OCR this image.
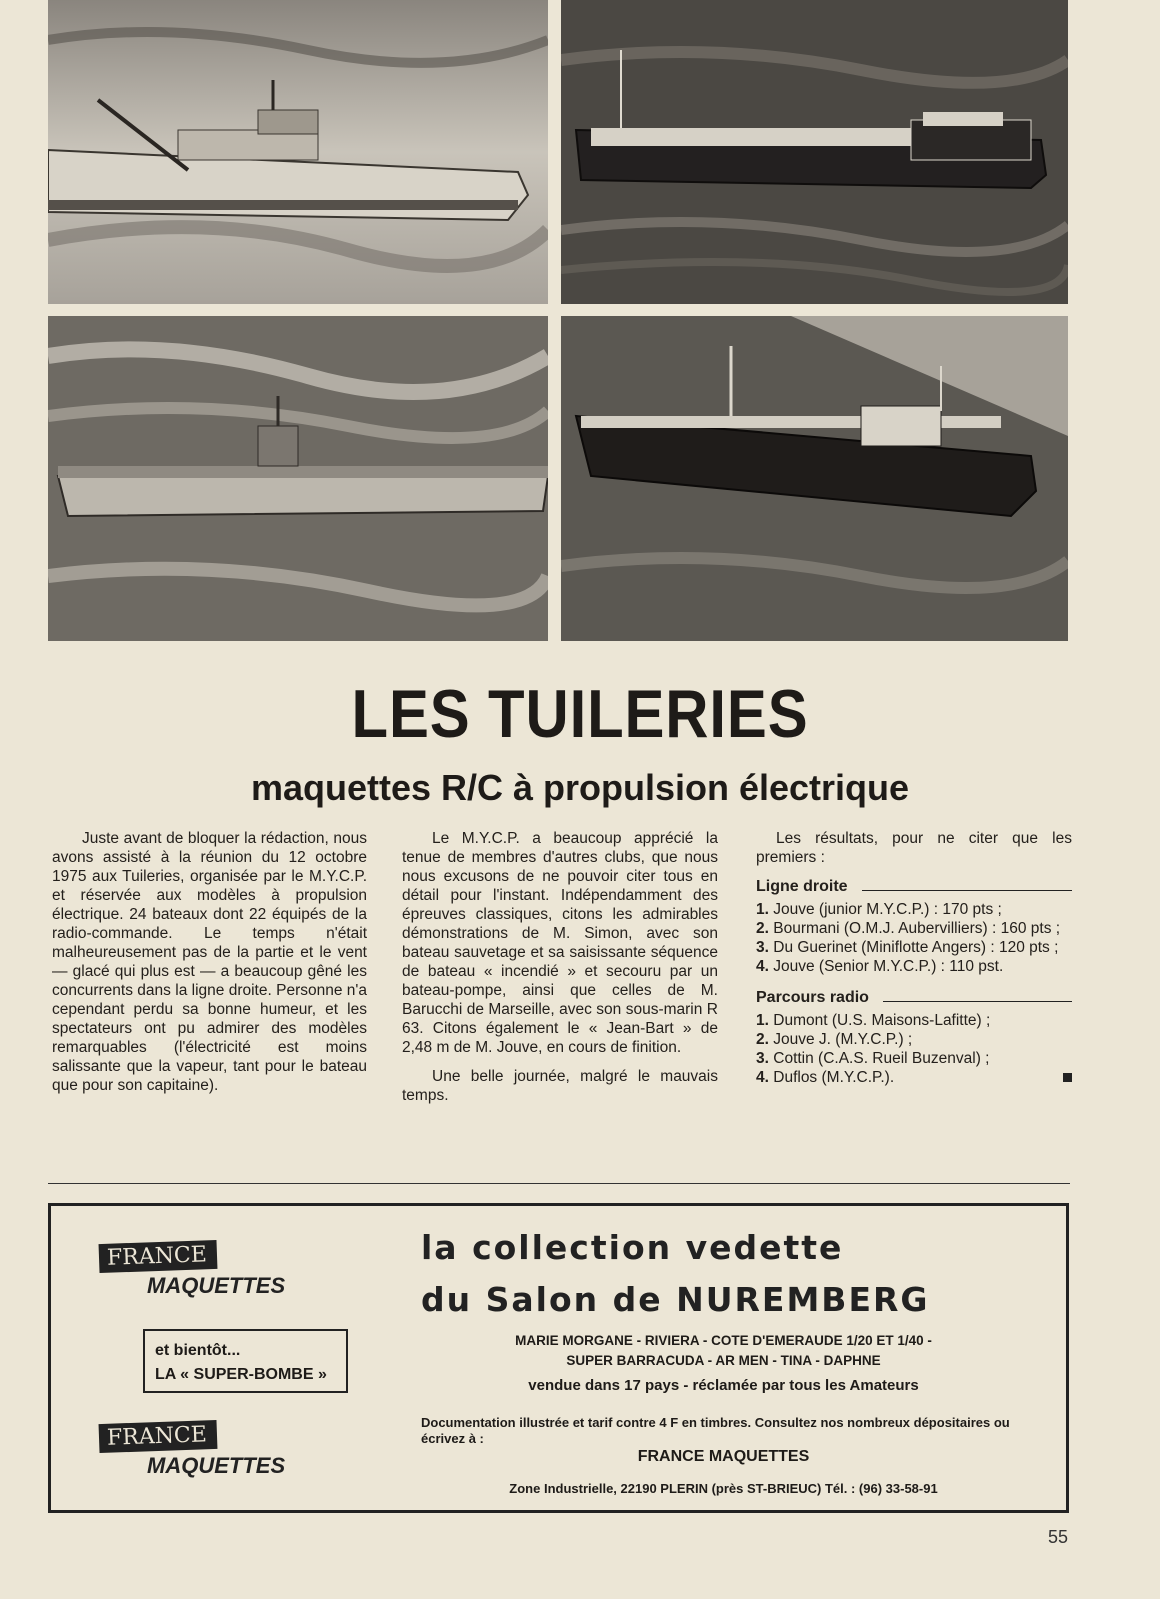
LES TUILERIES
maquettes R/C à propulsion électrique

Juste avant de bloquer la rédaction, nous avons assisté à la réunion du 12 octobre 1975 aux Tuileries, organisée par le M.Y.C.P. et réservée aux modèles à propulsion électrique. 24 bateaux dont 22 équipés de la radio-commande. Le temps n'était malheureusement pas de la partie et le vent — glacé qui plus est — a beaucoup gêné les concurrents dans la ligne droite. Personne n'a cependant perdu sa bonne humeur, et les spectateurs ont pu admirer des modèles remarquables (l'électricité est moins salissante que la vapeur, tant pour le bateau que pour son capitaine).

Le M.Y.C.P. a beaucoup apprécié la tenue de membres d'autres clubs, que nous nous excusons de ne pouvoir citer tous en détail pour l'instant. Indépendamment des épreuves classiques, citons les admirables démonstrations de M. Simon, avec son bateau sauvetage et sa saisissante séquence de bateau « incendié » et secouru par un bateau-pompe, ainsi que celles de M. Barucchi de Marseille, avec son sous-marin R 63. Citons également le « Jean-Bart » de 2,48 m de M. Jouve, en cours de finition.

Une belle journée, malgré le mauvais temps.

Les résultats, pour ne citer que les premiers :

Ligne droite
1. Jouve (junior M.Y.C.P.) : 170 pts ;
2. Bourmani (O.M.J. Aubervilliers) : 160 pts ;
3. Du Guerinet (Miniflotte Angers) : 120 pts ;
4. Jouve (Senior M.Y.C.P.) : 110 pst.
Parcours radio
1. Dumont (U.S. Maisons-Lafitte) ;
2. Jouve J. (M.Y.C.P.) ;
3. Cottin (C.A.S. Rueil Buzenval) ;
4. Duflos (M.Y.C.P.).
FRANCE
MAQUETTES
et bientôt...
LA « SUPER-BOMBE »
FRANCE
MAQUETTES
la collection vedette
du Salon de NUREMBERG
MARIE MORGANE - RIVIERA - COTE D'EMERAUDE 1/20 ET 1/40 -
SUPER BARRACUDA - AR MEN - TINA - DAPHNE
vendue dans 17 pays - réclamée par tous les Amateurs
Documentation illustrée et tarif contre 4 F en timbres. Consultez nos nombreux dépositaires ou écrivez à :
FRANCE MAQUETTES
Zone Industrielle, 22190 PLERIN (près ST-BRIEUC) Tél. : (96) 33-58-91
55
